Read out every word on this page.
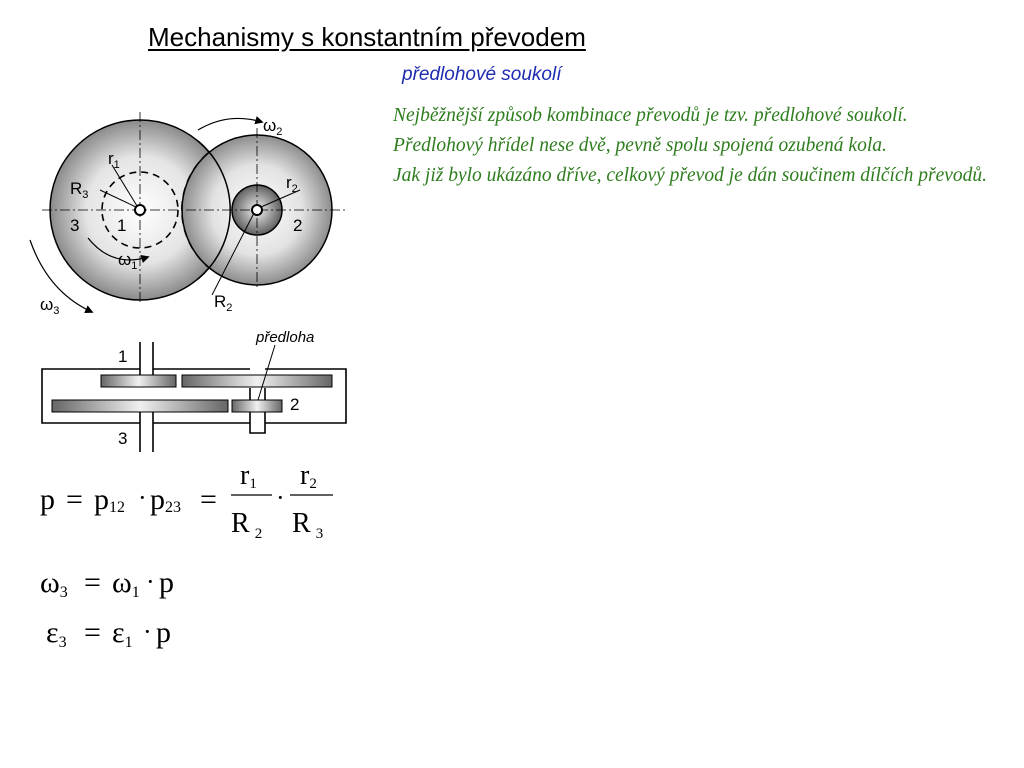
Mechanismy s konstantním převodem
předlohové soukolí

Nejběžnější způsob kombinace převodů je tzv. předlohové soukolí. Předlohový hřídel nese dvě, pevně spolu spojená ozubená kola.

Jak již bylo ukázáno dříve, celkový převod je dán součinem dílčích převodů.

$\omega_2$
$r_1$
$r_2$
$R_3$
3 1	2
$\omega_1$
$\omega_3$	$R_2$
předloha
1
2
3
p = p12 · p23 =
r1
R $_2$
·
r2
R $_3$
ω3 = ω1 · p
ε3 = ε1 · p
